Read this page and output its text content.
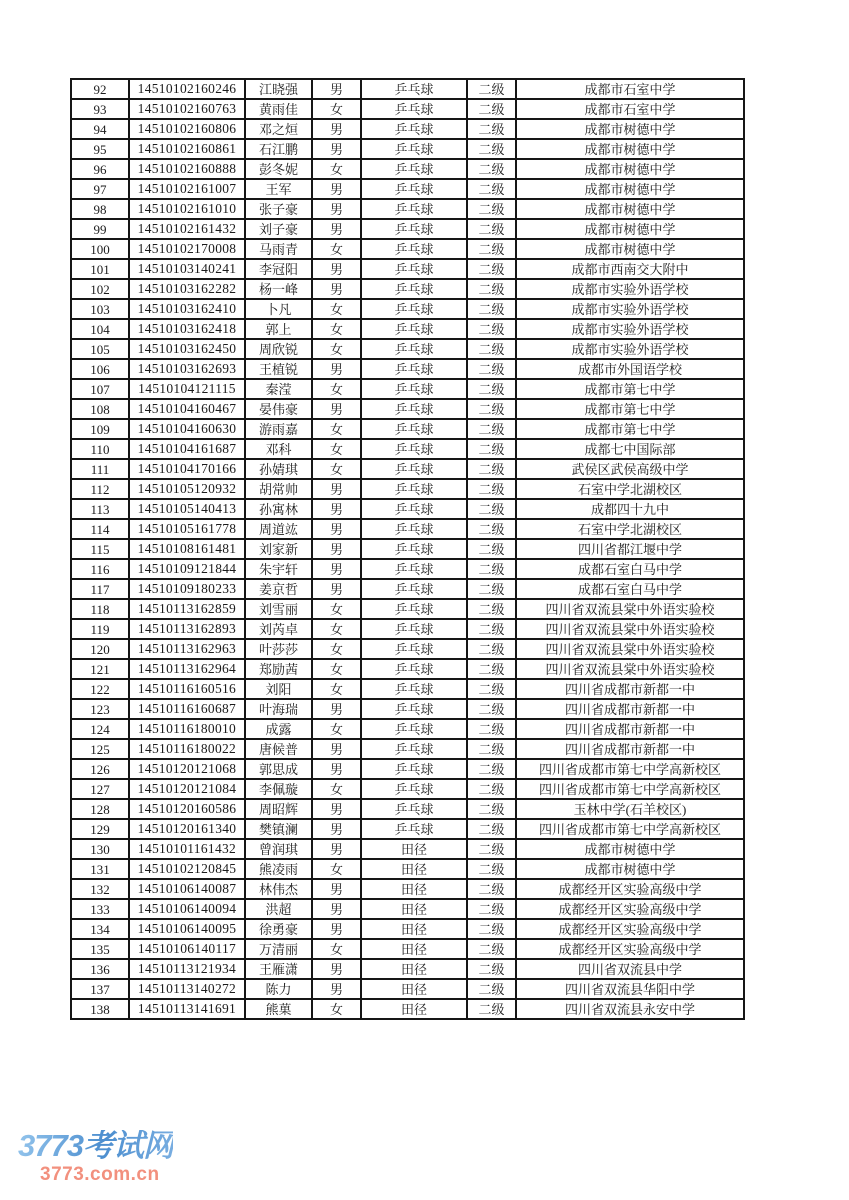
92	14510102160246	江晓强	男	乒乓球	二级	成都市石室中学
93	14510102160763	黄雨佳	女	乒乓球	二级	成都市石室中学
94	14510102160806	邓之烜	男	乒乓球	二级	成都市树德中学
95	14510102160861	石江鹏	男	乒乓球	二级	成都市树德中学
96	14510102160888	彭冬妮	女	乒乓球	二级	成都市树德中学
97	14510102161007	王军	男	乒乓球	二级	成都市树德中学
98	14510102161010	张子豪	男	乒乓球	二级	成都市树德中学
99	14510102161432	刘子豪	男	乒乓球	二级	成都市树德中学
100	14510102170008	马雨青	女	乒乓球	二级	成都市树德中学
101	14510103140241	李冠阳	男	乒乓球	二级	成都市西南交大附中
102	14510103162282	杨一峰	男	乒乓球	二级	成都市实验外语学校
103	14510103162410	卜凡	女	乒乓球	二级	成都市实验外语学校
104	14510103162418	郭上	女	乒乓球	二级	成都市实验外语学校
105	14510103162450	周欣锐	女	乒乓球	二级	成都市实验外语学校
106	14510103162693	王植锐	男	乒乓球	二级	成都市外国语学校
107	14510104121115	秦滢	女	乒乓球	二级	成都市第七中学
108	14510104160467	晏伟豪	男	乒乓球	二级	成都市第七中学
109	14510104160630	游雨嘉	女	乒乓球	二级	成都市第七中学
110	14510104161687	邓科	女	乒乓球	二级	成都七中国际部
111	14510104170166	孙婧琪	女	乒乓球	二级	武侯区武侯高级中学
112	14510105120932	胡常帅	男	乒乓球	二级	石室中学北湖校区
113	14510105140413	孙寓林	男	乒乓球	二级	成都四十九中
114	14510105161778	周道竑	男	乒乓球	二级	石室中学北湖校区
115	14510108161481	刘家新	男	乒乓球	二级	四川省都江堰中学
116	14510109121844	朱宇轩	男	乒乓球	二级	成都石室白马中学
117	14510109180233	姜京哲	男	乒乓球	二级	成都石室白马中学
118	14510113162859	刘雪丽	女	乒乓球	二级	四川省双流县棠中外语实验校
119	14510113162893	刘芮卓	女	乒乓球	二级	四川省双流县棠中外语实验校
120	14510113162963	叶莎莎	女	乒乓球	二级	四川省双流县棠中外语实验校
121	14510113162964	郑励茜	女	乒乓球	二级	四川省双流县棠中外语实验校
122	14510116160516	刘阳	女	乒乓球	二级	四川省成都市新都一中
123	14510116160687	叶海瑞	男	乒乓球	二级	四川省成都市新都一中
124	14510116180010	成露	女	乒乓球	二级	四川省成都市新都一中
125	14510116180022	唐候普	男	乒乓球	二级	四川省成都市新都一中
126	14510120121068	郭思成	男	乒乓球	二级	四川省成都市第七中学高新校区
127	14510120121084	李佩璇	女	乒乓球	二级	四川省成都市第七中学高新校区
128	14510120160586	周昭辉	男	乒乓球	二级	玉林中学(石羊校区)
129	14510120161340	樊镇澜	男	乒乓球	二级	四川省成都市第七中学高新校区
130	14510101161432	曾润琪	男	田径	二级	成都市树德中学
131	14510102120845	熊凌雨	女	田径	二级	成都市树德中学
132	14510106140087	林伟杰	男	田径	二级	成都经开区实验高级中学
133	14510106140094	洪超	男	田径	二级	成都经开区实验高级中学
134	14510106140095	徐勇豪	男	田径	二级	成都经开区实验高级中学
135	14510106140117	万清丽	女	田径	二级	成都经开区实验高级中学
136	14510113121934	王雁潇	男	田径	二级	四川省双流县中学
137	14510113140272	陈力	男	田径	二级	四川省双流县华阳中学
138	14510113141691	熊菓	女	田径	二级	四川省双流县永安中学
3773考试网
3773.com.cn
